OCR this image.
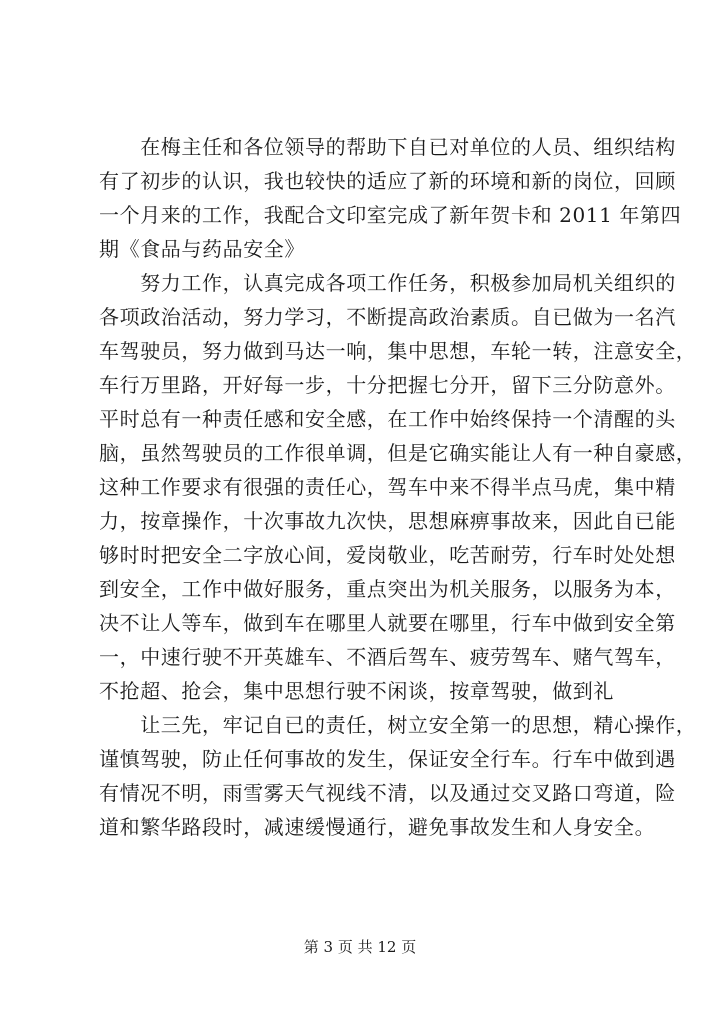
　　在梅主任和各位领导的帮助下自已对单位的人员、组织结构
有了初步的认识，我也较快的适应了新的环境和新的岗位，回顾
一个月来的工作，我配合文印室完成了新年贺卡和 2011 年第四
期《食品与药品安全》
　　努力工作，认真完成各项工作任务，积极参加局机关组织的
各项政治活动，努力学习，不断提高政治素质。自已做为一名汽
车驾驶员，努力做到马达一响，集中思想，车轮一转，注意安全，
车行万里路，开好每一步，十分把握七分开，留下三分防意外。
平时总有一种责任感和安全感，在工作中始终保持一个清醒的头
脑，虽然驾驶员的工作很单调，但是它确实能让人有一种自豪感，
这种工作要求有很强的责任心，驾车中来不得半点马虎，集中精
力，按章操作，十次事故九次快，思想麻痹事故来，因此自已能
够时时把安全二字放心间，爱岗敬业，吃苦耐劳，行车时处处想
到安全，工作中做好服务，重点突出为机关服务，以服务为本，
决不让人等车，做到车在哪里人就要在哪里，行车中做到安全第
一，中速行驶不开英雄车、不酒后驾车、疲劳驾车、赌气驾车，
不抢超、抢会，集中思想行驶不闲谈，按章驾驶，做到礼
　　让三先，牢记自已的责任，树立安全第一的思想，精心操作，
谨慎驾驶，防止任何事故的发生，保证安全行车。行车中做到遇
有情况不明，雨雪雾天气视线不清，以及通过交叉路口弯道，险
道和繁华路段时，减速缓慢通行，避免事故发生和人身安全。
第 3 页 共 12 页
